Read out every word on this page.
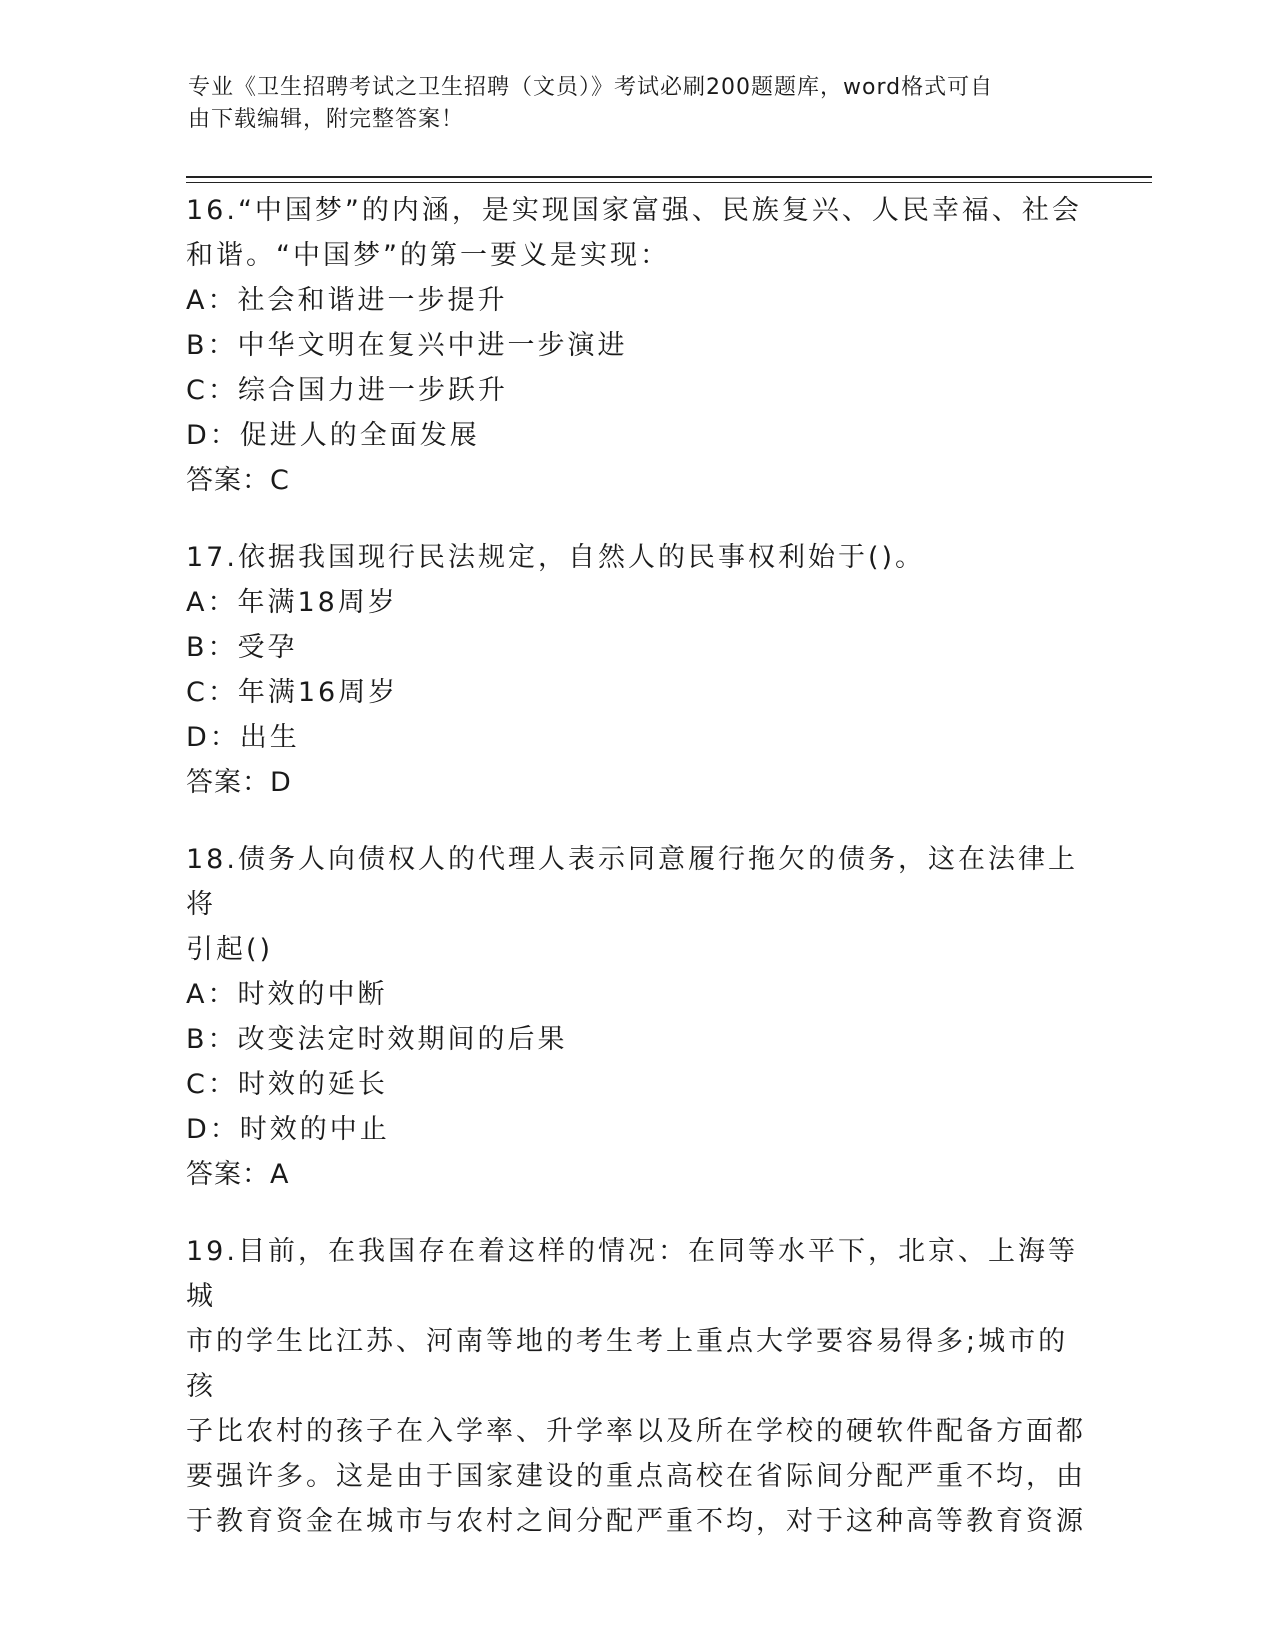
专业《卫生招聘考试之卫生招聘（文员）》考试必刷200题题库，word格式可自
由下载编辑，附完整答案！

16.“中国梦”的内涵，是实现国家富强、民族复兴、人民幸福、社会

和谐。“中国梦”的第一要义是实现：

A：社会和谐进一步提升

B：中华文明在复兴中进一步演进

C：综合国力进一步跃升

D：促进人的全面发展

答案：C

17.依据我国现行民法规定，自然人的民事权利始于()。

A：年满18周岁

B：受孕

C：年满16周岁

D：出生

答案：D

18.债务人向债权人的代理人表示同意履行拖欠的债务，这在法律上将

引起()

A：时效的中断

B：改变法定时效期间的后果

C：时效的延长

D：时效的中止

答案：A

19.目前，在我国存在着这样的情况：在同等水平下，北京、上海等城

市的学生比江苏、河南等地的考生考上重点大学要容易得多;城市的孩

子比农村的孩子在入学率、升学率以及所在学校的硬软件配备方面都

要强许多。这是由于国家建设的重点高校在省际间分配严重不均，由

于教育资金在城市与农村之间分配严重不均，对于这种高等教育资源
